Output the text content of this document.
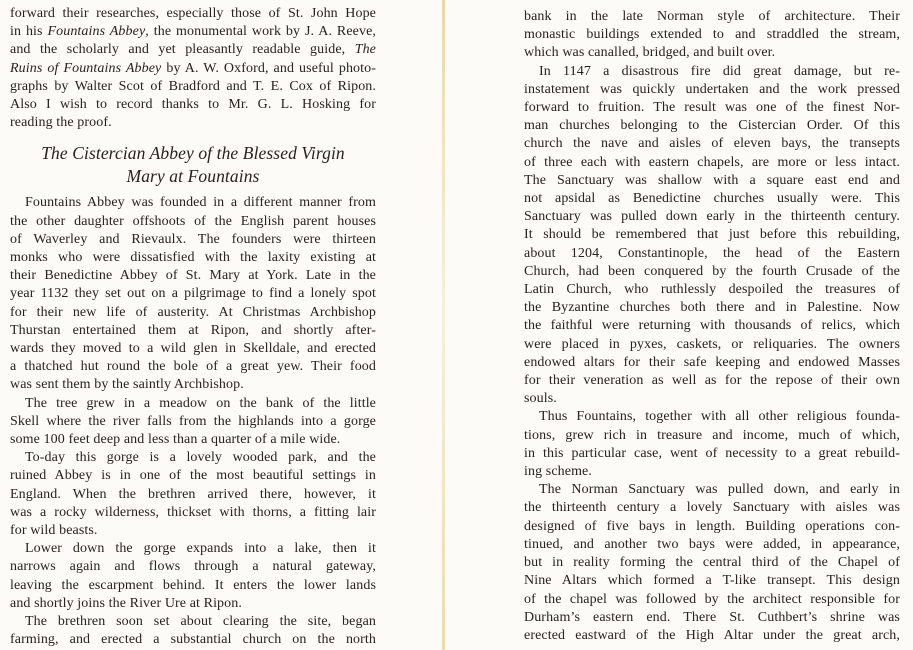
forward their researches, especially those of St. John Hope
in his Fountains Abbey, the monumental work by J. A. Reeve,
and the scholarly and yet pleasantly readable guide, The
Ruins of Fountains Abbey by A. W. Oxford, and useful photo-
graphs by Walter Scot of Bradford and T. E. Cox of Ripon.
Also I wish to record thanks to Mr. G. L. Hosking for
reading the proof.
The Cistercian Abbey of the Blessed Virgin
Mary at Fountains
Fountains Abbey was founded in a different manner from
the other daughter offshoots of the English parent houses
of Waverley and Rievaulx. The founders were thirteen
monks who were dissatisfied with the laxity existing at
their Benedictine Abbey of St. Mary at York. Late in the
year 1132 they set out on a pilgrimage to find a lonely spot
for their new life of austerity. At Christmas Archbishop
Thurstan entertained them at Ripon, and shortly after-
wards they moved to a wild glen in Skelldale, and erected
a thatched hut round the bole of a great yew. Their food
was sent them by the saintly Archbishop.
The tree grew in a meadow on the bank of the little
Skell where the river falls from the highlands into a gorge
some 100 feet deep and less than a quarter of a mile wide.
To-day this gorge is a lovely wooded park, and the
ruined Abbey is in one of the most beautiful settings in
England. When the brethren arrived there, however, it
was a rocky wilderness, thickset with thorns, a fitting lair
for wild beasts.
Lower down the gorge expands into a lake, then it
narrows again and flows through a natural gateway,
leaving the escarpment behind. It enters the lower lands
and shortly joins the River Ure at Ripon.
The brethren soon set about clearing the site, began
farming, and erected a substantial church on the north
bank in the late Norman style of architecture. Their
monastic buildings extended to and straddled the stream,
which was canalled, bridged, and built over.
In 1147 a disastrous fire did great damage, but re-
instatement was quickly undertaken and the work pressed
forward to fruition. The result was one of the finest Nor-
man churches belonging to the Cistercian Order. Of this
church the nave and aisles of eleven bays, the transepts
of three each with eastern chapels, are more or less intact.
The Sanctuary was shallow with a square east end and
not apsidal as Benedictine churches usually were. This
Sanctuary was pulled down early in the thirteenth century.
It should be remembered that just before this rebuilding,
about 1204, Constantinople, the head of the Eastern
Church, had been conquered by the fourth Crusade of the
Latin Church, who ruthlessly despoiled the treasures of
the Byzantine churches both there and in Palestine. Now
the faithful were returning with thousands of relics, which
were placed in pyxes, caskets, or reliquaries. The owners
endowed altars for their safe keeping and endowed Masses
for their veneration as well as for the repose of their own
souls.
Thus Fountains, together with all other religious founda-
tions, grew rich in treasure and income, much of which,
in this particular case, went of necessity to a great rebuild-
ing scheme.
The Norman Sanctuary was pulled down, and early in
the thirteenth century a lovely Sanctuary with aisles was
designed of five bays in length. Building operations con-
tinued, and another two bays were added, in appearance,
but in reality forming the central third of the Chapel of
Nine Altars which formed a T-like transept. This design
of the chapel was followed by the architect responsible for
Durham’s eastern end. There St. Cuthbert’s shrine was
erected eastward of the High Altar under the great arch,
